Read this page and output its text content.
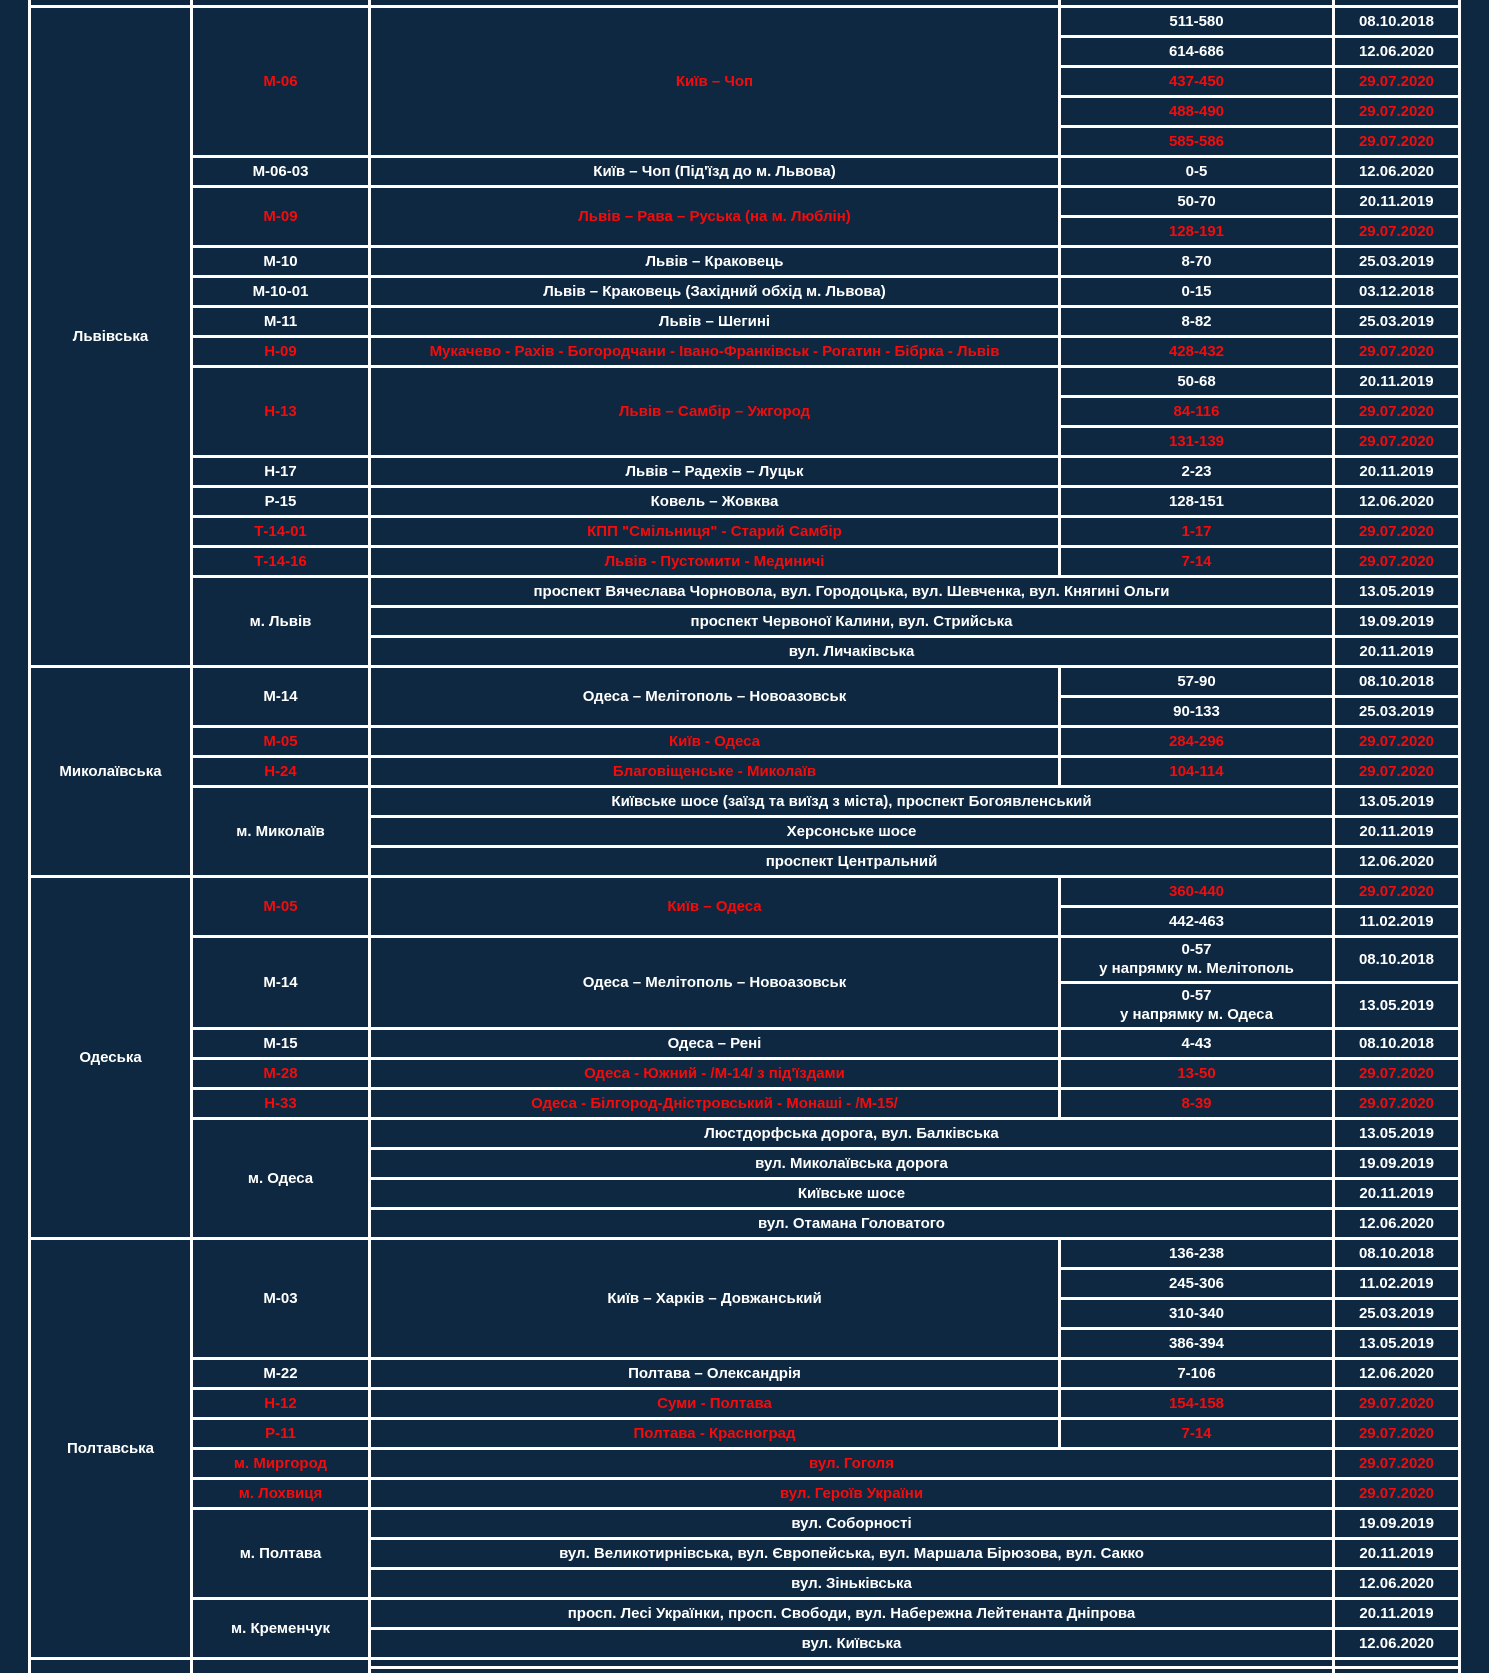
Львівська	М-06	Київ – Чоп	511-580	08.10.2018

			614-686	12.06.2020

			437-450	29.07.2020

			488-490	29.07.2020

			585-586	29.07.2020
	М-06-03	Київ – Чоп (Під'їзд до м. Львова)	0-5	12.06.2020
	М-09	Львів – Рава – Руська (на м. Люблін)	50-70	20.11.2019

			128-191	29.07.2020
	М-10	Львів – Краковець	8-70	25.03.2019
	М-10-01	Львів – Краковець (Західний обхід м. Львова)	0-15	03.12.2018
	М-11	Львів – Шегині	8-82	25.03.2019
	Н-09	Мукачево - Рахів - Богородчани - Івано-Франківськ - Рогатин - Бібрка - Львів	428-432	29.07.2020
	Н-13	Львів – Самбір – Ужгород	50-68	20.11.2019

			84-116	29.07.2020

			131-139	29.07.2020
	Н-17	Львів – Радехів – Луцьк	2-23	20.11.2019
	Р-15	Ковель – Жовква	128-151	12.06.2020
	Т-14-01	КПП "Смільниця" - Старий Самбір	1-17	29.07.2020
	Т-14-16	Львів - Пустомити - Мединичі	7-14	29.07.2020
	м. Львів	проспект Вячеслава Чорновола, вул. Городоцька, вул. Шевченка, вул. Княгині Ольги		13.05.2019
		проспект Червоної Калини, вул. Стрийська		19.09.2019
		вул. Личаківська		20.11.2019
Миколаївська	М-14	Одеса – Мелітополь – Новоазовськ	57-90	08.10.2018

			90-133	25.03.2019
	М-05	Київ - Одеса	284-296	29.07.2020
	Н-24	Благовіщенське - Миколаїв	104-114	29.07.2020
	м. Миколаїв	Київське шосе (заїзд та виїзд з міста), проспект Богоявленський		13.05.2019
		Херсонське шосе		20.11.2019
		проспект Центральний		12.06.2020
Одеська	М-05	Київ – Одеса	360-440	29.07.2020

			442-463	11.02.2019
	М-14	Одеса – Мелітополь – Новоазовськ	0-57
у напрямку м. Мелітополь	08.10.2018

			0-57
у напрямку м. Одеса	13.05.2019
	М-15	Одеса – Рені	4-43	08.10.2018
	М-28	Одеса - Южний - /М-14/ з під'їздами	13-50	29.07.2020
	Н-33	Одеса - Білгород-Дністровський - Монаші - /М-15/	8-39	29.07.2020
	м. Одеса	Люстдорфська дорога, вул. Балківська		13.05.2019
		вул. Миколаївська дорога		19.09.2019
		Київське шосе		20.11.2019
		вул. Отамана Головатого		12.06.2020
Полтавська	М-03	Київ – Харків – Довжанський	136-238	08.10.2018

			245-306	11.02.2019

			310-340	25.03.2019

			386-394	13.05.2019
	М-22	Полтава – Олександрія	7-106	12.06.2020
	Н-12	Суми - Полтава	154-158	29.07.2020
	Р-11	Полтава - Красноград	7-14	29.07.2020
	м. Миргород	вул. Гоголя		29.07.2020
	м. Лохвиця	вул. Героїв України		29.07.2020
	м. Полтава	вул. Соборності		19.09.2019
		вул. Великотирнівська, вул. Європейська, вул. Маршала Бірюзова, вул. Сакко		20.11.2019
		вул. Зіньківська		12.06.2020
	м. Кременчук	просп. Лесі Українки, просп. Свободи, вул. Набережна Лейтенанта Дніпрова		20.11.2019
		вул. Київська		12.06.2020
